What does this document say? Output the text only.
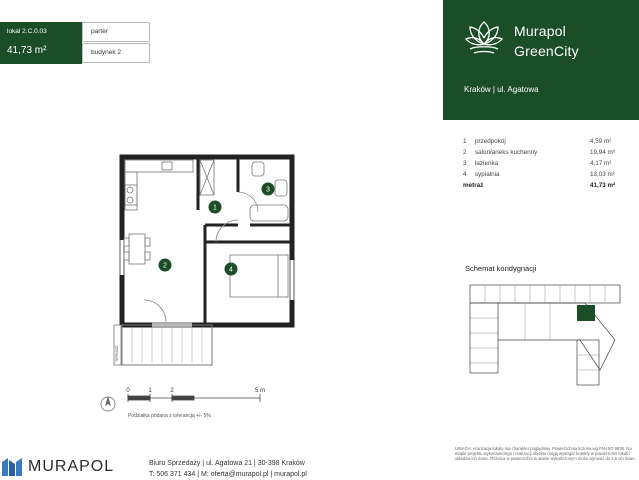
lokal 2.C.0.03
41,73 m²
parter
budynek 2
Murapol
GreenCity
Kraków | ul. Agatowa
1 przedpokój	4,59 m²
2 salon/aneks kuchenny	19,94 m²
3 łazienka	4,17 m²
4 sypialnia	13,03 m²
metraż	41,73 m²
TERRACE
1
2
3
4
0	1	2	5 m
Podziałka podana z tolerancją +/- 5%
Schemat kondygnacji
UWAGA: Aranżacja lokalu ma charakter poglądowy. Powierzchnia liczona wg PN-ISO 9836. Na etapie projektu wykonawczego i realizacji obiektu mogą wystąpić korekty w powierzchni lokali i układzie ich ścian. Różnica w powierzchni w stanie wykończonym może wynosić do 1,5 cm ścian.
MURAPOL	Biuro Sprzedaży | ul. Agatowa 21 | 30-398 Kraków
T: 506 371 434 | M: oferta@murapol.pl | murapol.pl
